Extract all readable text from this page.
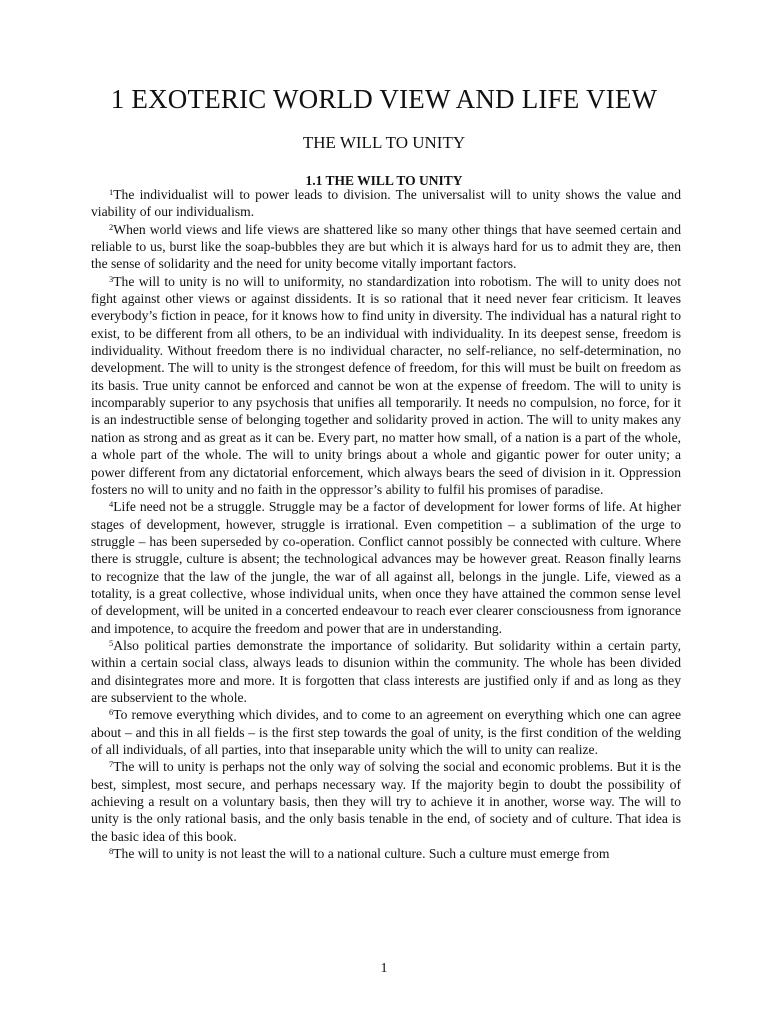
1 EXOTERIC WORLD VIEW AND LIFE VIEW
THE WILL TO UNITY
1.1 THE WILL TO UNITY

$^1$The individualist will to power leads to division. The universalist will to unity shows the value and viability of our individualism.

$^2$When world views and life views are shattered like so many other things that have seemed certain and reliable to us, burst like the soap-bubbles they are but which it is always hard for us to admit they are, then the sense of solidarity and the need for unity become vitally important factors.

$^3$The will to unity is no will to uniformity, no standardization into robotism. The will to unity does not fight against other views or against dissidents. It is so rational that it need never fear criticism. It leaves everybody’s fiction in peace, for it knows how to find unity in diversity. The individual has a natural right to exist, to be different from all others, to be an individual with individuality. In its deepest sense, freedom is individuality. Without freedom there is no individual character, no self-reliance, no self-determination, no development. The will to unity is the strongest defence of freedom, for this will must be built on freedom as its basis. True unity cannot be enforced and cannot be won at the expense of freedom. The will to unity is incomparably superior to any psychosis that unifies all temporarily. It needs no compulsion, no force, for it is an indestructible sense of belonging together and solidarity proved in action. The will to unity makes any nation as strong and as great as it can be. Every part, no matter how small, of a nation is a part of the whole, a whole part of the whole. The will to unity brings about a whole and gigantic power for outer unity; a power different from any dictatorial enforcement, which always bears the seed of division in it. Oppression fosters no will to unity and no faith in the oppressor’s ability to fulfil his promises of paradise.

$^4$Life need not be a struggle. Struggle may be a factor of development for lower forms of life. At higher stages of development, however, struggle is irrational. Even competition – a sublimation of the urge to struggle – has been superseded by co-operation. Conflict cannot possibly be connected with culture. Where there is struggle, culture is absent; the technological advances may be however great. Reason finally learns to recognize that the law of the jungle, the war of all against all, belongs in the jungle. Life, viewed as a totality, is a great collective, whose individual units, when once they have attained the common sense level of development, will be united in a concerted endeavour to reach ever clearer consciousness from ignorance and impotence, to acquire the freedom and power that are in understanding.

$^5$Also political parties demonstrate the importance of solidarity. But solidarity within a certain party, within a certain social class, always leads to disunion within the community. The whole has been divided and disintegrates more and more. It is forgotten that class interests are justified only if and as long as they are subservient to the whole.

$^6$To remove everything which divides, and to come to an agreement on everything which one can agree about – and this in all fields – is the first step towards the goal of unity, is the first condition of the welding of all individuals, of all parties, into that inseparable unity which the will to unity can realize.

$^7$The will to unity is perhaps not the only way of solving the social and economic problems. But it is the best, simplest, most secure, and perhaps necessary way. If the majority begin to doubt the possibility of achieving a result on a voluntary basis, then they will try to achieve it in another, worse way. The will to unity is the only rational basis, and the only basis tenable in the end, of society and of culture. That idea is the basic idea of this book.

$^8$The will to unity is not least the will to a national culture. Such a culture must emerge from

1
